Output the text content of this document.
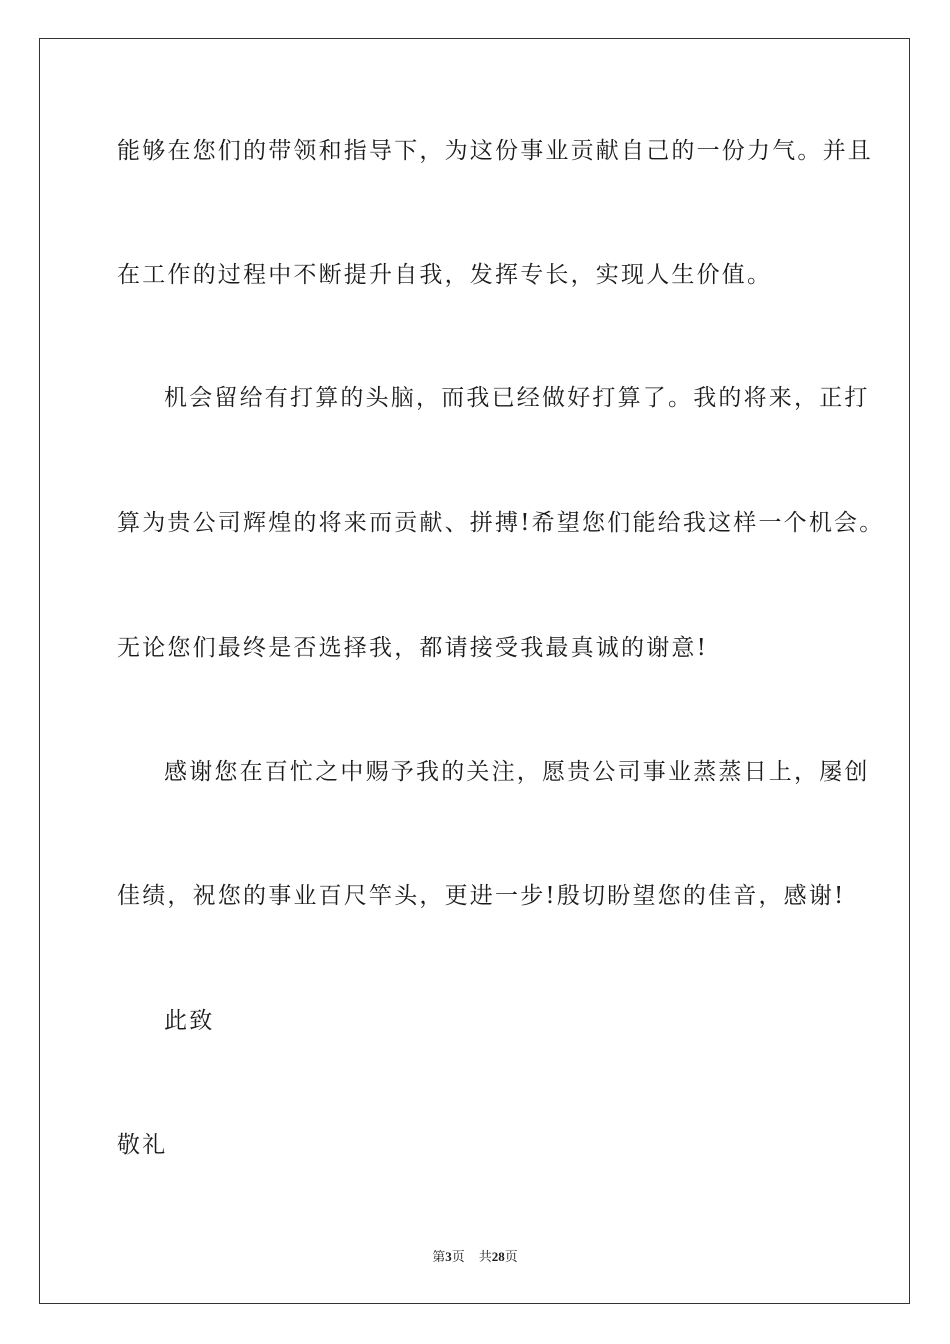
能够在您们的带领和指导下，为这份事业贡献自己的一份力气。并且
在工作的过程中不断提升自我，发挥专长，实现人生价值。
机会留给有打算的头脑，而我已经做好打算了。我的将来，正打
算为贵公司辉煌的将来而贡献、拼搏!希望您们能给我这样一个机会。
无论您们最终是否选择我，都请接受我最真诚的谢意!
感谢您在百忙之中赐予我的关注，愿贵公司事业蒸蒸日上，屡创
佳绩，祝您的事业百尺竿头，更进一步!殷切盼望您的佳音，感谢!
此致
敬礼
第3页 共28页
